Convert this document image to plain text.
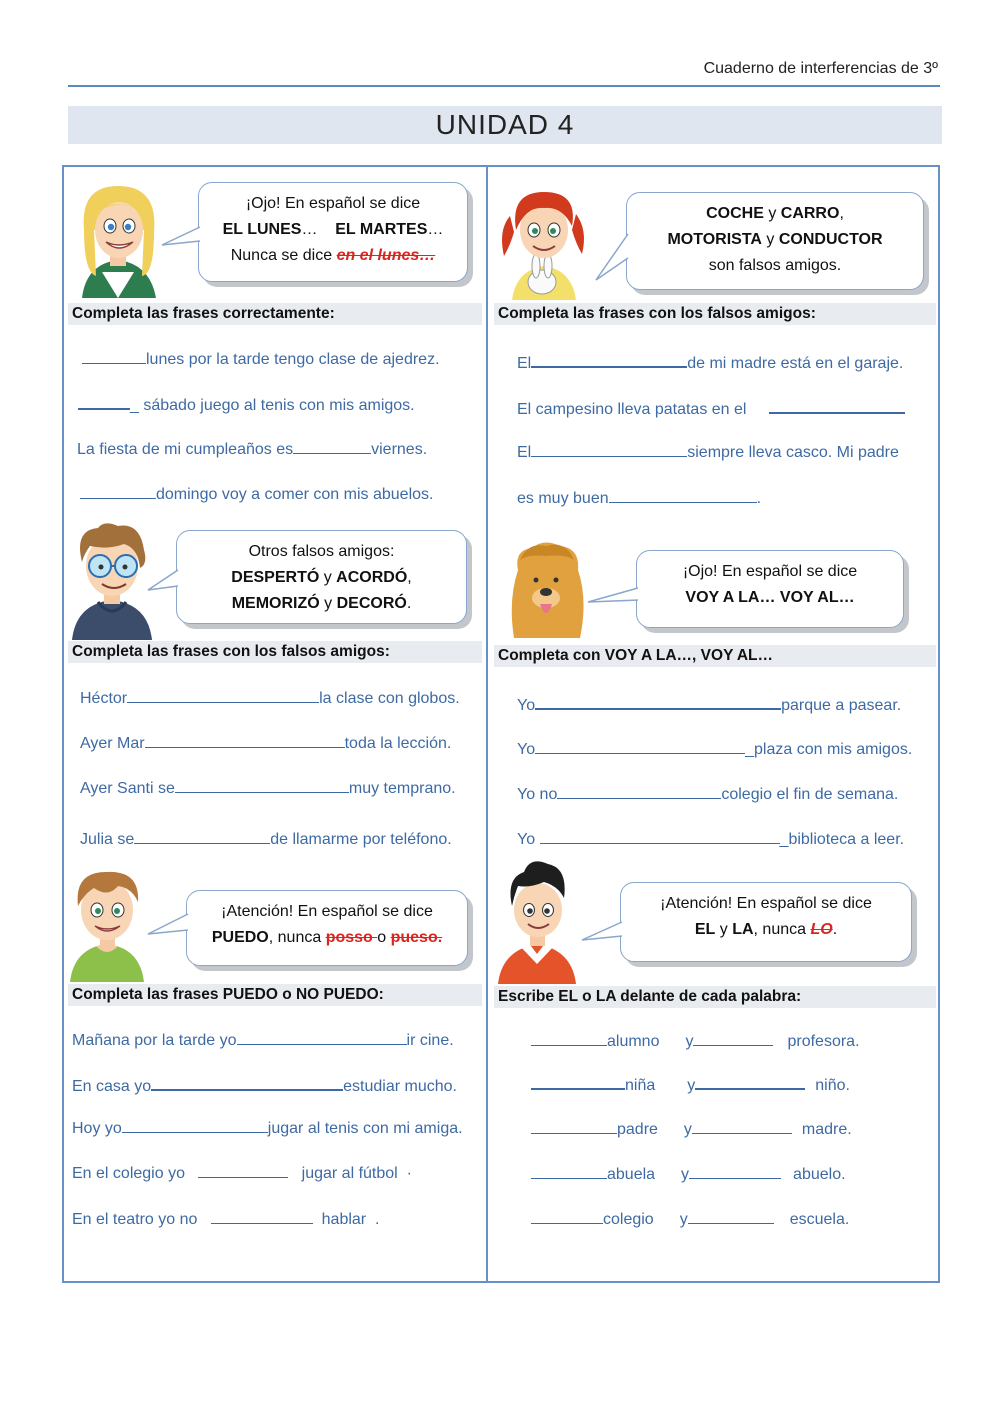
Cuaderno de interferencias de 3º
UNIDAD 4
¡Ojo! En español se dice
EL LUNES… EL MARTES…
Nunca se dice en el lunes…
Completa las frases correctamente:
lunes por la tarde tengo clase de ajedrez.
_ sábado juego al tenis con mis amigos.
La fiesta de mi cumpleaños es	viernes.
domingo voy a comer con mis abuelos.
Otros falsos amigos:
DESPERTÓ y ACORDÓ,
MEMORIZÓ y DECORÓ.
Completa las frases con los falsos amigos:
Héctor	la clase con globos.
Ayer Mar	toda la lección.
Ayer Santi se	muy temprano.
Julia se	de llamarme por teléfono.
¡Atención! En español se dice
PUEDO, nunca posso o pueso.
Completa las frases PUEDO o NO PUEDO:
Mañana por la tarde yo	ir cine.
En casa yo	estudiar mucho.
Hoy yo	jugar al tenis con mi amiga.
En el colegio yo	jugar al fútbol ·
En el teatro yo no	hablar .
COCHE y CARRO,
MOTORISTA y CONDUCTOR
son falsos amigos.
Completa las frases con los falsos amigos:
El	de mi madre está en el garaje.
El campesino lleva patatas en el
El	siempre lleva casco. Mi padre
es muy buen	.
¡Ojo! En español se dice
VOY A LA… VOY AL…
Completa con VOY A LA…, VOY AL…
Yo	parque a pasear.
Yo	_plaza con mis amigos.
Yo no	colegio el fin de semana.
Yo	_biblioteca a leer.
¡Atención! En español se dice
EL y LA, nunca LO.
Escribe EL o LA delante de cada palabra:
alumno y	profesora.
niña y	niño.
padre y	madre.
abuela y	abuelo.
colegio y	escuela.
